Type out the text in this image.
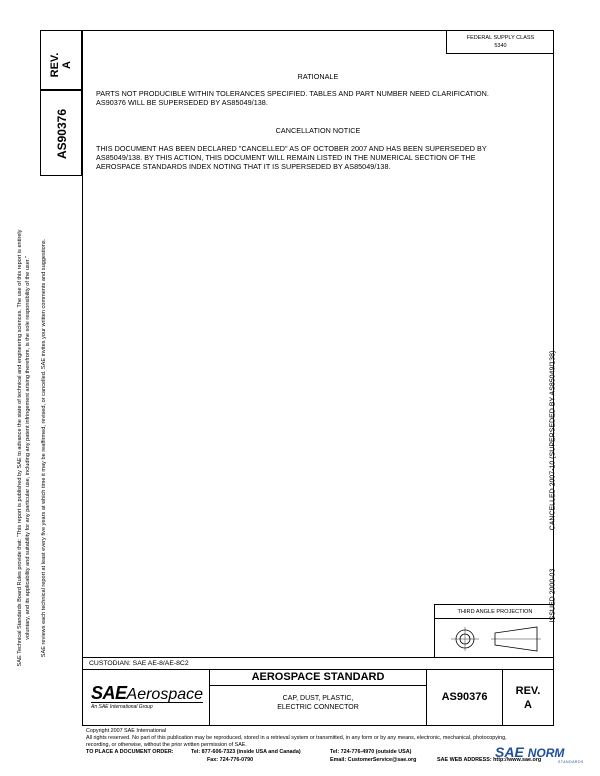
SAE Technical Standards Board Rules provide that: “This report is published by SAE to advance the state of technical and engineering sciences. The use of this report is entirely voluntary, and its applicability and suitability for any particular use, including any patent infringement arising therefrom, is the sole responsibility of the user.” SAE reviews each technical report at least every five years at which time it may be reaffirmed, revised, or cancelled. SAE invites your written comments and suggestions.
REV.
A
AS90376
FEDERAL SUPPLY CLASS
5340
RATIONALE
PARTS NOT PRODUCIBLE WITHIN TOLERANCES SPECIFIED. TABLES AND PART NUMBER NEED CLARIFICATION.
AS90376 WILL BE SUPERSEDED BY AS85049/138.
CANCELLATION NOTICE
THIS DOCUMENT HAS BEEN DECLARED "CANCELLED" AS OF OCTOBER 2007 AND HAS BEEN SUPERSEDED BY
AS85049/138. BY THIS ACTION, THIS DOCUMENT WILL REMAIN LISTED IN THE NUMERICAL SECTION OF THE
AEROSPACE STANDARDS INDEX NOTING THAT IT IS SUPERSEDED BY AS85049/138.
ISSUED 2000-03
CANCELLED 2007-10 (SUPERSEDED BY AS85049/138)
THIRD ANGLE PROJECTION
CUSTODIAN: SAE AE-8/AE-8C2
SAEAerospace
An SAE International Group
AEROSPACE STANDARD
CAP, DUST, PLASTIC,
ELECTRIC CONNECTOR
AS90376	REV.
A
Copyright 2007 SAE International
All rights reserved. No part of this publication may be reproduced, stored in a retrieval system or transmitted, in any form or by any means, electronic, mechanical, photocopying,
recording, or otherwise, without the prior written permission of SAE.
TO PLACE A DOCUMENT ORDER:	Tel: 877-606-7323 (inside USA and Canada)	Tel: 724-776-4970 (outside USA)
Fax: 724-776-0790	Email: CustomerService@sae.org	SAE WEB ADDRESS: http://www.sae.org
SAE NORM
STANDARDS
